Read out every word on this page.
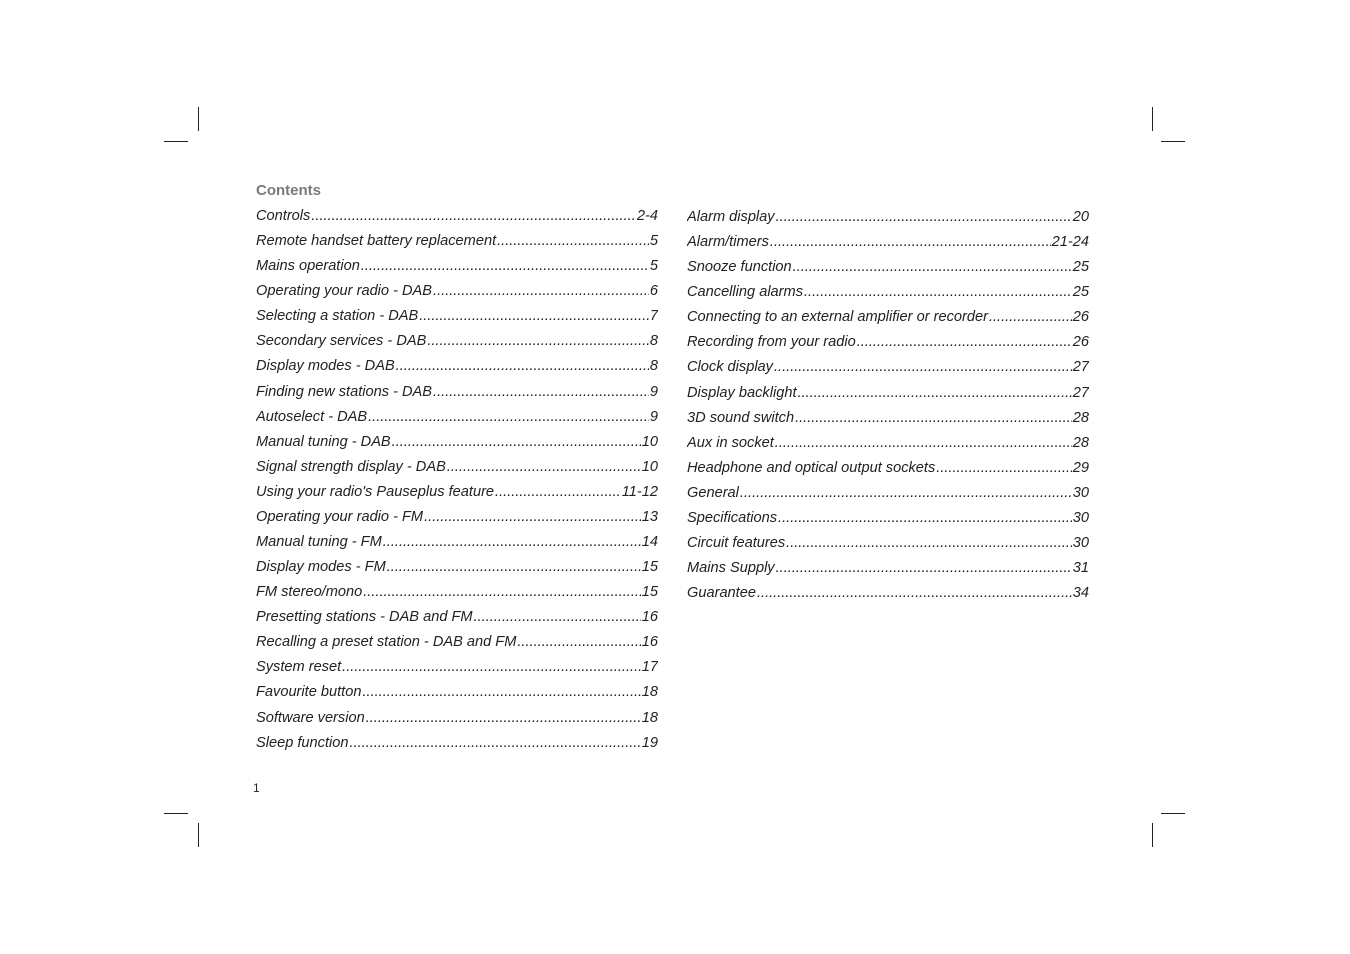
Contents
Controls .....	2-4
Remote handset battery replacement .....	5
Mains operation .....	5
Operating your radio - DAB .....	6
Selecting a station - DAB .....	7
Secondary services - DAB .....	8
Display modes - DAB .....	8
Finding new stations - DAB .....	9
Autoselect - DAB .....	9
Manual tuning - DAB .....	10
Signal strength display - DAB .....	10
Using your radio's Pauseplus feature .....	11-12
Operating your radio - FM .....	13
Manual tuning - FM .....	14
Display modes - FM .....	15
FM stereo/mono .....	15
Presetting stations - DAB and FM .....	16
Recalling a preset station - DAB and FM .....	16
System reset .....	17
Favourite button .....	18
Software version .....	18
Sleep function .....	19
Alarm display .....	20
Alarm/timers .....	21-24
Snooze function .....	25
Cancelling alarms .....	25
Connecting to an external amplifier or recorder .....	26
Recording from your radio .....	26
Clock display .....	27
Display backlight .....	27
3D sound switch .....	28
Aux in socket .....	28
Headphone and optical output sockets .....	29
General .....	30
Specifications .....	30
Circuit features .....	30
Mains Supply .....	31
Guarantee .....	34
1
